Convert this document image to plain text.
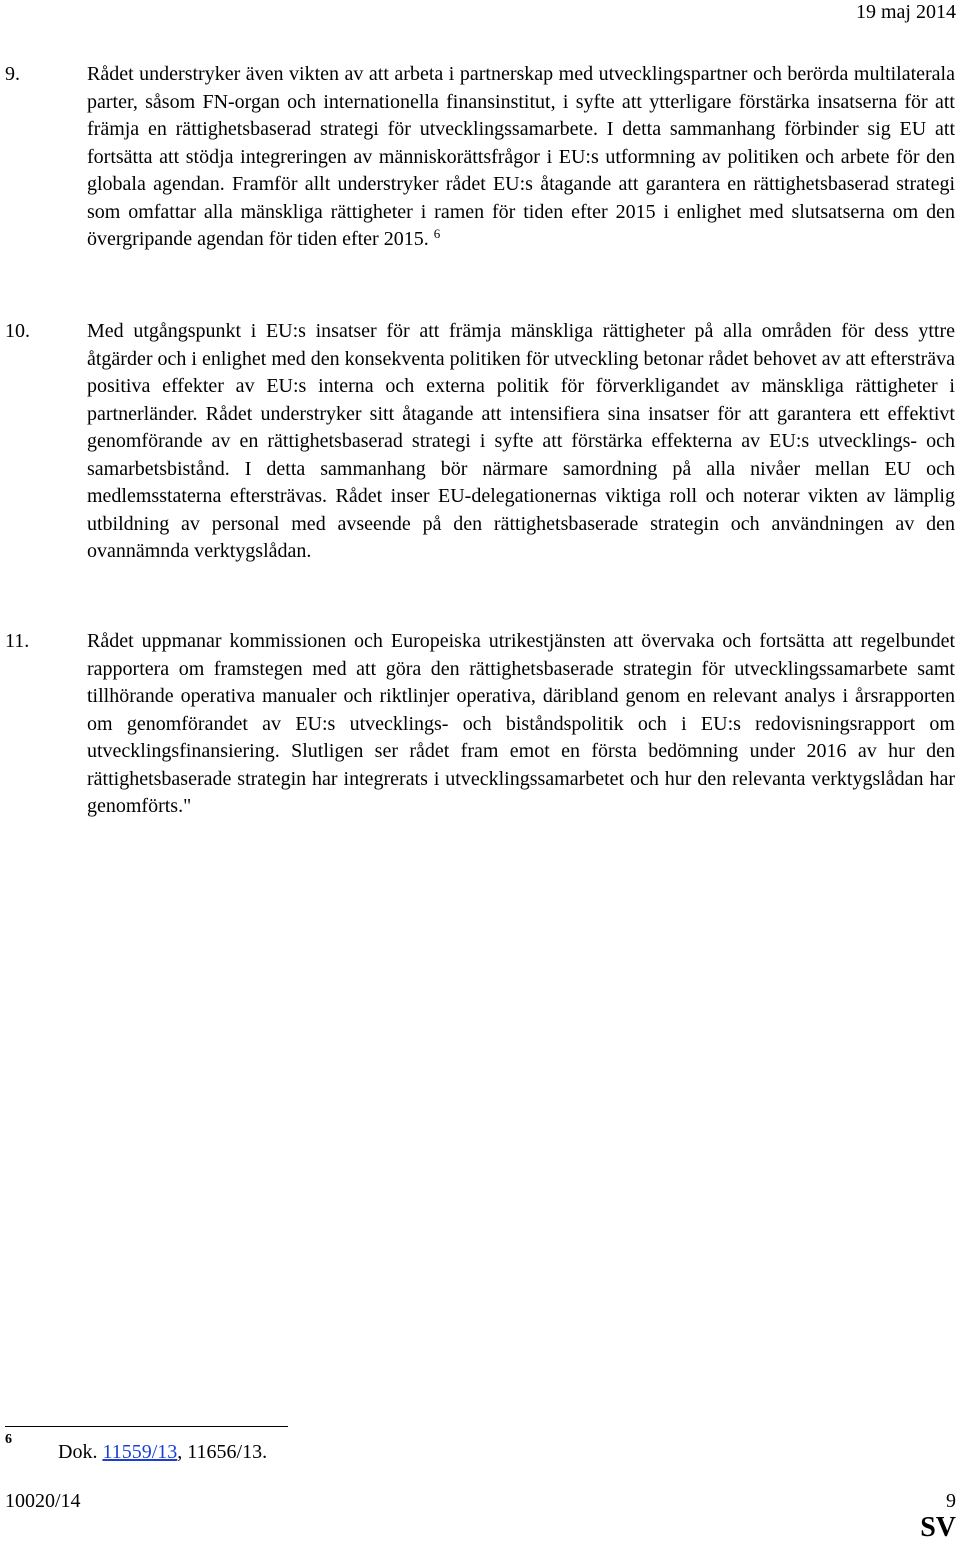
19 maj 2014
9.	Rådet understryker även vikten av att arbeta i partnerskap med utvecklingspartner och berörda multilaterala parter, såsom FN-organ och internationella finansinstitut, i syfte att ytterligare förstärka insatserna för att främja en rättighetsbaserad strategi för utvecklingssamarbete. I detta sammanhang förbinder sig EU att fortsätta att stödja integreringen av människorättsfrågor i EU:s utformning av politiken och arbete för den globala agendan. Framför allt understryker rådet EU:s åtagande att garantera en rättighetsbaserad strategi som omfattar alla mänskliga rättigheter i ramen för tiden efter 2015 i enlighet med slutsatserna om den övergripande agendan för tiden efter 2015. $^6$
10.	Med utgångspunkt i EU:s insatser för att främja mänskliga rättigheter på alla områden för dess yttre åtgärder och i enlighet med den konsekventa politiken för utveckling betonar rådet behovet av att eftersträva positiva effekter av EU:s interna och externa politik för förverkligandet av mänskliga rättigheter i partnerländer. Rådet understryker sitt åtagande att intensifiera sina insatser för att garantera ett effektivt genomförande av en rättighetsbaserad strategi i syfte att förstärka effekterna av EU:s utvecklings- och samarbetsbistånd. I detta sammanhang bör närmare samordning på alla nivåer mellan EU och medlemsstaterna eftersträvas. Rådet inser EU-delegationernas viktiga roll och noterar vikten av lämplig utbildning av personal med avseende på den rättighetsbaserade strategin och användningen av den ovannämnda verktygslådan.
11.	Rådet uppmanar kommissionen och Europeiska utrikestjänsten att övervaka och fortsätta att regelbundet rapportera om framstegen med att göra den rättighetsbaserade strategin för utvecklingssamarbete samt tillhörande operativa manualer och riktlinjer operativa, däribland genom en relevant analys i årsrapporten om genomförandet av EU:s utvecklings- och biståndspolitik och i EU:s redovisningsrapport om utvecklingsfinansiering. Slutligen ser rådet fram emot en första bedömning under 2016 av hur den rättighetsbaserade strategin har integrerats i utvecklingssamarbetet och hur den relevanta verktygslådan har genomförts."
6
Dok. 11559/13, 11656/13.
10020/14	9
SV
